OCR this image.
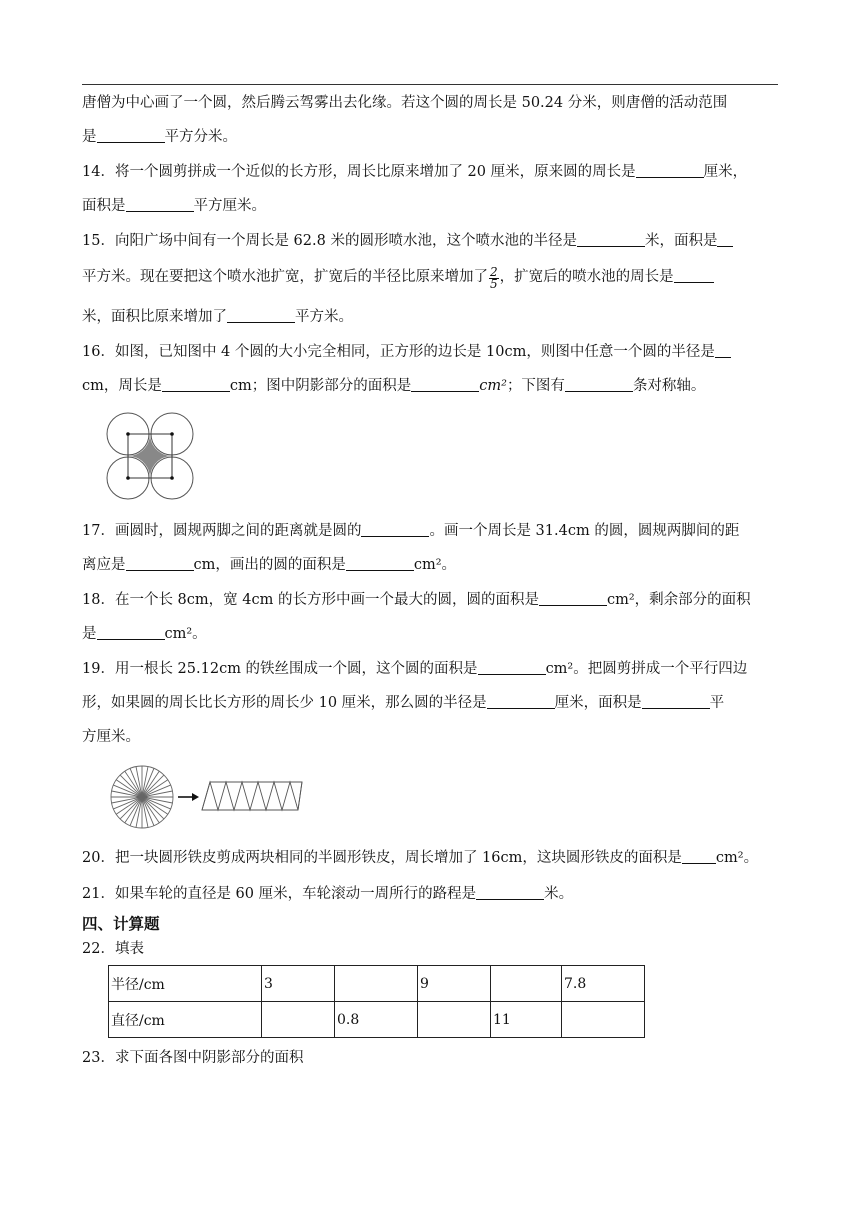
唐僧为中心画了一个圆，然后腾云驾雾出去化缘。若这个圆的周长是 50.24 分米，则唐僧的活动范围
是	平方分米。
14．将一个圆剪拼成一个近似的长方形，周长比原来增加了 20 厘米，原来圆的周长是	厘米，
面积是	平方厘米。
15．向阳广场中间有一个周长是 62.8 米的圆形喷水池，这个喷水池的半径是	米，面积是
平方米。现在要把这个喷水池扩宽，扩宽后的半径比原来增加了 $\frac{2}{5}$ ，扩宽后的喷水池的周长是
米，面积比原来增加了	平方米。
16．如图，已知图中 4 个圆的大小完全相同，正方形的边长是 10cm，则图中任意一个圆的半径是
cm，周长是	cm；图中阴影部分的面积是	cm²；下图有	条对称轴。
17．画圆时，圆规两脚之间的距离就是圆的	。画一个周长是 31.4cm 的圆，圆规两脚间的距
离应是	cm，画出的圆的面积是	cm²。
18．在一个长 8cm，宽 4cm 的长方形中画一个最大的圆，圆的面积是	cm²，剩余部分的面积
是	cm²。
19．用一根长 25.12cm 的铁丝围成一个圆，这个圆的面积是	cm²。把圆剪拼成一个平行四边
形，如果圆的周长比长方形的周长少 10 厘米，那么圆的半径是	厘米，面积是	平
方厘米。
20．把一块圆形铁皮剪成两块相同的半圆形铁皮，周长增加了 16cm，这块圆形铁皮的面积是 cm²。
21．如果车轮的直径是 60 厘米，车轮滚动一周所行的路程是	米。
四、计算题
22．填表
半径/cm	3		9		7.8
直径/cm		0.8		11	
23．求下面各图中阴影部分的面积
